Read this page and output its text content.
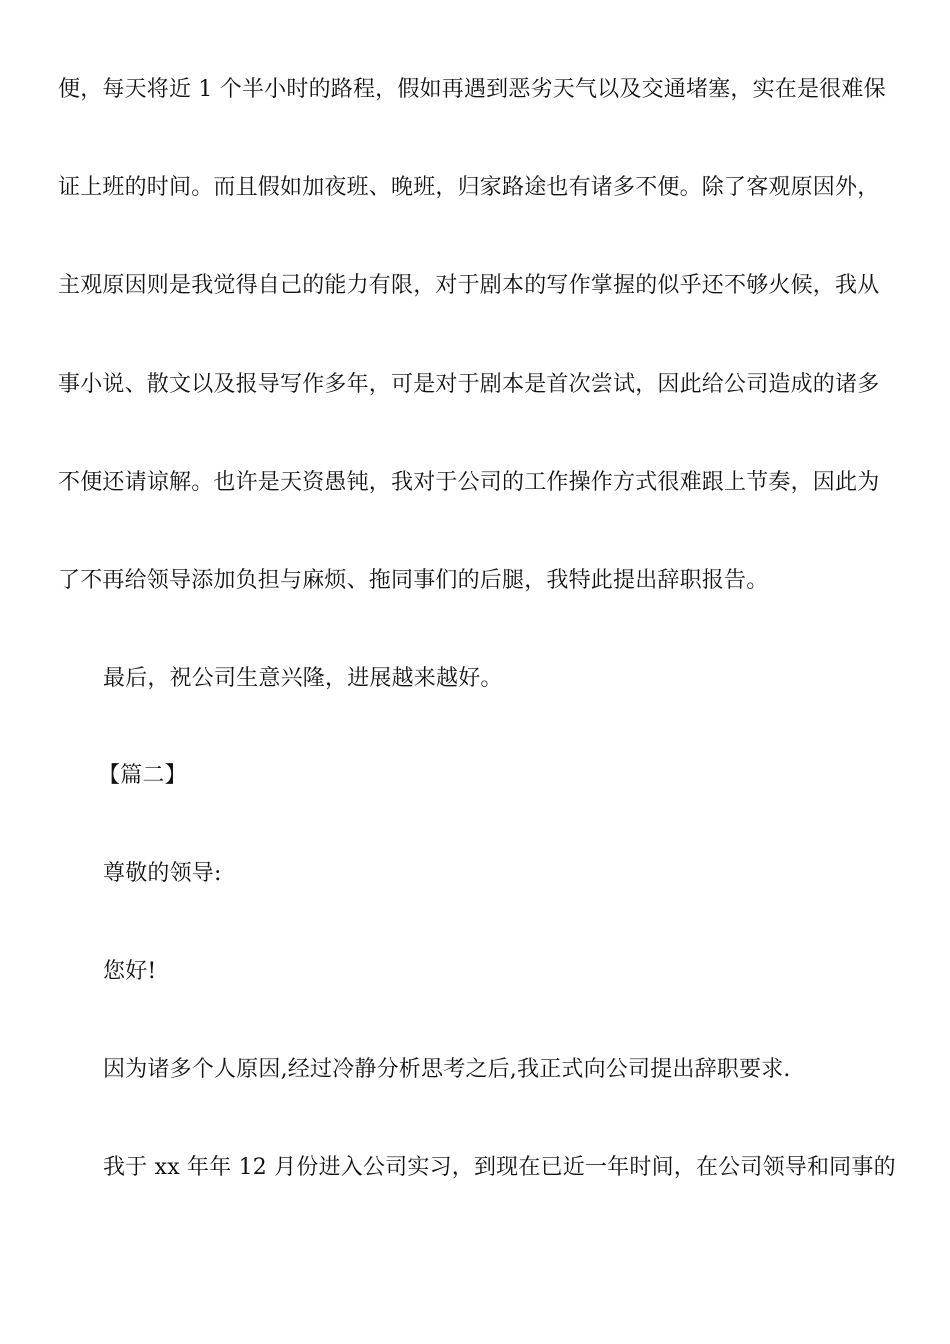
便，每天将近 1 个半小时的路程，假如再遇到恶劣天气以及交通堵塞，实在是很难保
证上班的时间。而且假如加夜班、晚班，归家路途也有诸多不便。除了客观原因外，
主观原因则是我觉得自己的能力有限，对于剧本的写作掌握的似乎还不够火候，我从
事小说、散文以及报导写作多年，可是对于剧本是首次尝试，因此给公司造成的诸多
不便还请谅解。也许是天资愚钝，我对于公司的工作操作方式很难跟上节奏，因此为
了不再给领导添加负担与麻烦、拖同事们的后腿，我特此提出辞职报告。
最后，祝公司生意兴隆，进展越来越好。
【篇二】
尊敬的领导:
您好!
因为诸多个人原因,经过冷静分析思考之后,我正式向公司提出辞职要求.
我于 xx 年年 12 月份进入公司实习，到现在已近一年时间，在公司领导和同事的
